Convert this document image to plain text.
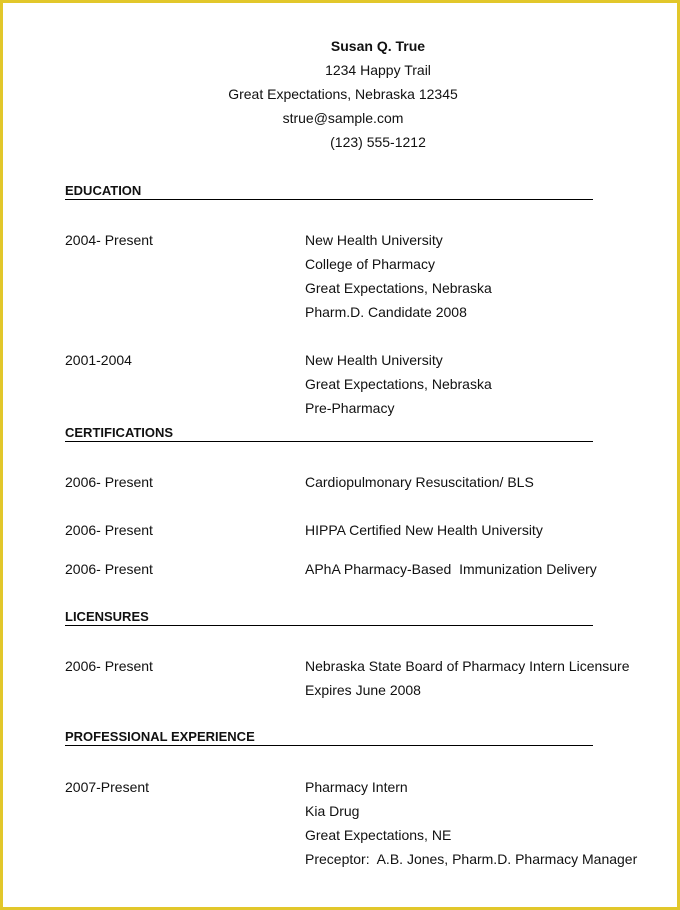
Susan Q. True
1234 Happy Trail
Great Expectations, Nebraska 12345
strue@sample.com
(123) 555-1212
EDUCATION
2004- Present	New Health University
College of Pharmacy
Great Expectations, Nebraska
Pharm.D. Candidate 2008
2001-2004	New Health University
Great Expectations, Nebraska
Pre-Pharmacy
CERTIFICATIONS
2006- Present	Cardiopulmonary Resuscitation/ BLS
2006- Present	HIPPA Certified New Health University
2006- Present	APhA Pharmacy-Based  Immunization Delivery
LICENSURES
2006- Present	Nebraska State Board of Pharmacy Intern Licensure
Expires June 2008
PROFESSIONAL EXPERIENCE
2007-Present	Pharmacy Intern
Kia Drug
Great Expectations, NE
Preceptor:  A.B. Jones, Pharm.D. Pharmacy Manager
